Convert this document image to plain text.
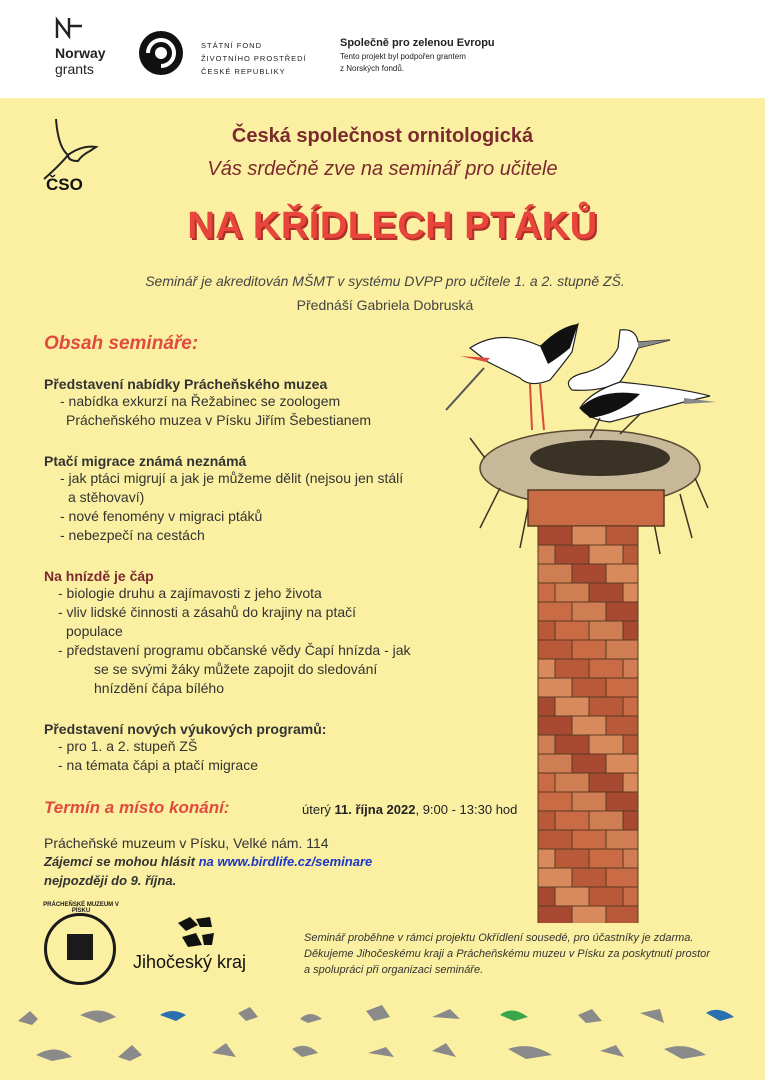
Norway
grants
STÁTNÍ FOND
ŽIVOTNÍHO PROSTŘEDÍ
ČESKÉ REPUBLIKY
Společně pro zelenou Evropu
Tento projekt byl podpořen grantem
z Norských fondů.
ČSO
Česká společnost ornitologická
Vás srdečně zve na seminář pro učitele
NA KŘÍDLECH PTÁKŮ
Seminář je akreditován MŠMT v systému DVPP pro učitele 1. a 2. stupně ZŠ.
Přednáší Gabriela Dobruská
Obsah semináře:
Představení nabídky Prácheňského muzea
- nabídka exkurzí na Řežabinec se zoologem
Prácheňského muzea v Písku Jiřím Šebestianem
Ptačí migrace známá neznámá
- jak ptáci migrují a jak je můžeme dělit (nejsou jen stálí
a stěhovaví)
- nové fenomény v migraci ptáků
- nebezpečí na cestách
Na hnízdě je čáp
- biologie druhu a zajímavosti z jeho života
- vliv lidské činnosti a zásahů do krajiny na ptačí
populace
- představení programu občanské vědy Čapí hnízda - jak
se se svými žáky můžete zapojit do sledování
hnízdění čápa bílého
Představení nových výukových programů:
- pro 1. a 2. stupeň ZŠ
- na témata čápi a ptačí migrace
Termín a místo konání:	úterý 11. října 2022, 9:00 - 13:30 hod
Prácheňské muzeum v Písku, Velké nám. 114
Zájemci se mohou hlásit na www.birdlife.cz/seminare
nejpozději do 9. října.
PRÁCHEŇSKÉ MUZEUM V PÍSKU
Jihočeský kraj
Seminář proběhne v rámci projektu Okřídlení sousedé, pro účastníky je zdarma.
Děkujeme Jihočeskému kraji a Prácheňskému muzeu v Písku za poskytnutí prostor
a spolupráci při organizaci semináře.
